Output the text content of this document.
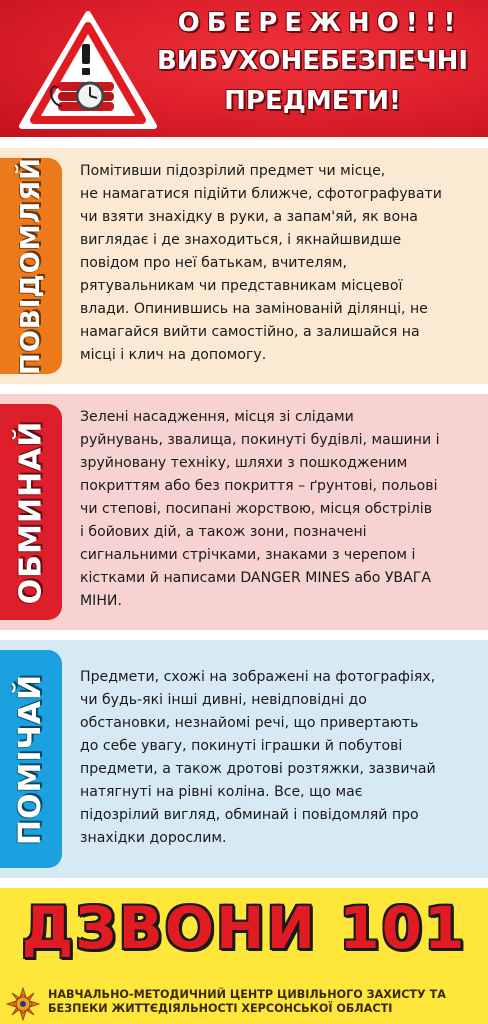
ОБЕРЕЖНО!!!
ВИБУХОНЕБЕЗПЕЧНІ
ПРЕДМЕТИ!
ПОВІДОМЛЯЙ Помітивши підозрілий предмет чи місце,
не намагатися підійти ближче, сфотографувати
чи взяти знахідку в руки, а запам'яй, як вона
виглядає і де знаходиться, і якнайшвидше
повідом про неї батькам, вчителям,
рятувальникам чи представникам місцевої
влади. Опинившись на замінованій ділянці, не
намагайся вийти самостійно, а залишайся на
місці і клич на допомогу.
ОБМИНАЙ
Зелені насадження, місця зі слідами
руйнувань, звалища, покинуті будівлі, машини і
зруйновану техніку, шляхи з пошкодженим
покриттям або без покриття – ґрунтові, польові
чи степові, посипані жорствою, місця обстрілів
і бойових дій, а також зони, позначені
сигнальними стрічками, знаками з черепом і
кістками й написами DANGER MINES або УВАГА
МІНИ.
ПОМІЧАЙ Предмети, схожі на зображені на фотографіях,
чи будь-які інші дивні, невідповідні до
обстановки, незнайомі речі, що привертають
до себе увагу, покинуті іграшки й побутові
предмети, а також дротові розтяжки, зазвичай
натягнуті на рівні коліна. Все, що має
підозрілий вигляд, обминай і повідомляй про
знахідки дорослим.
ДЗВОНИ 101
НАВЧАЛЬНО-МЕТОДИЧНИЙ ЦЕНТР ЦИВІЛЬНОГО ЗАХИСТУ ТА
БЕЗПЕКИ ЖИТТЄДІЯЛЬНОСТІ ХЕРСОНСЬКОЇ ОБЛАСТІ
